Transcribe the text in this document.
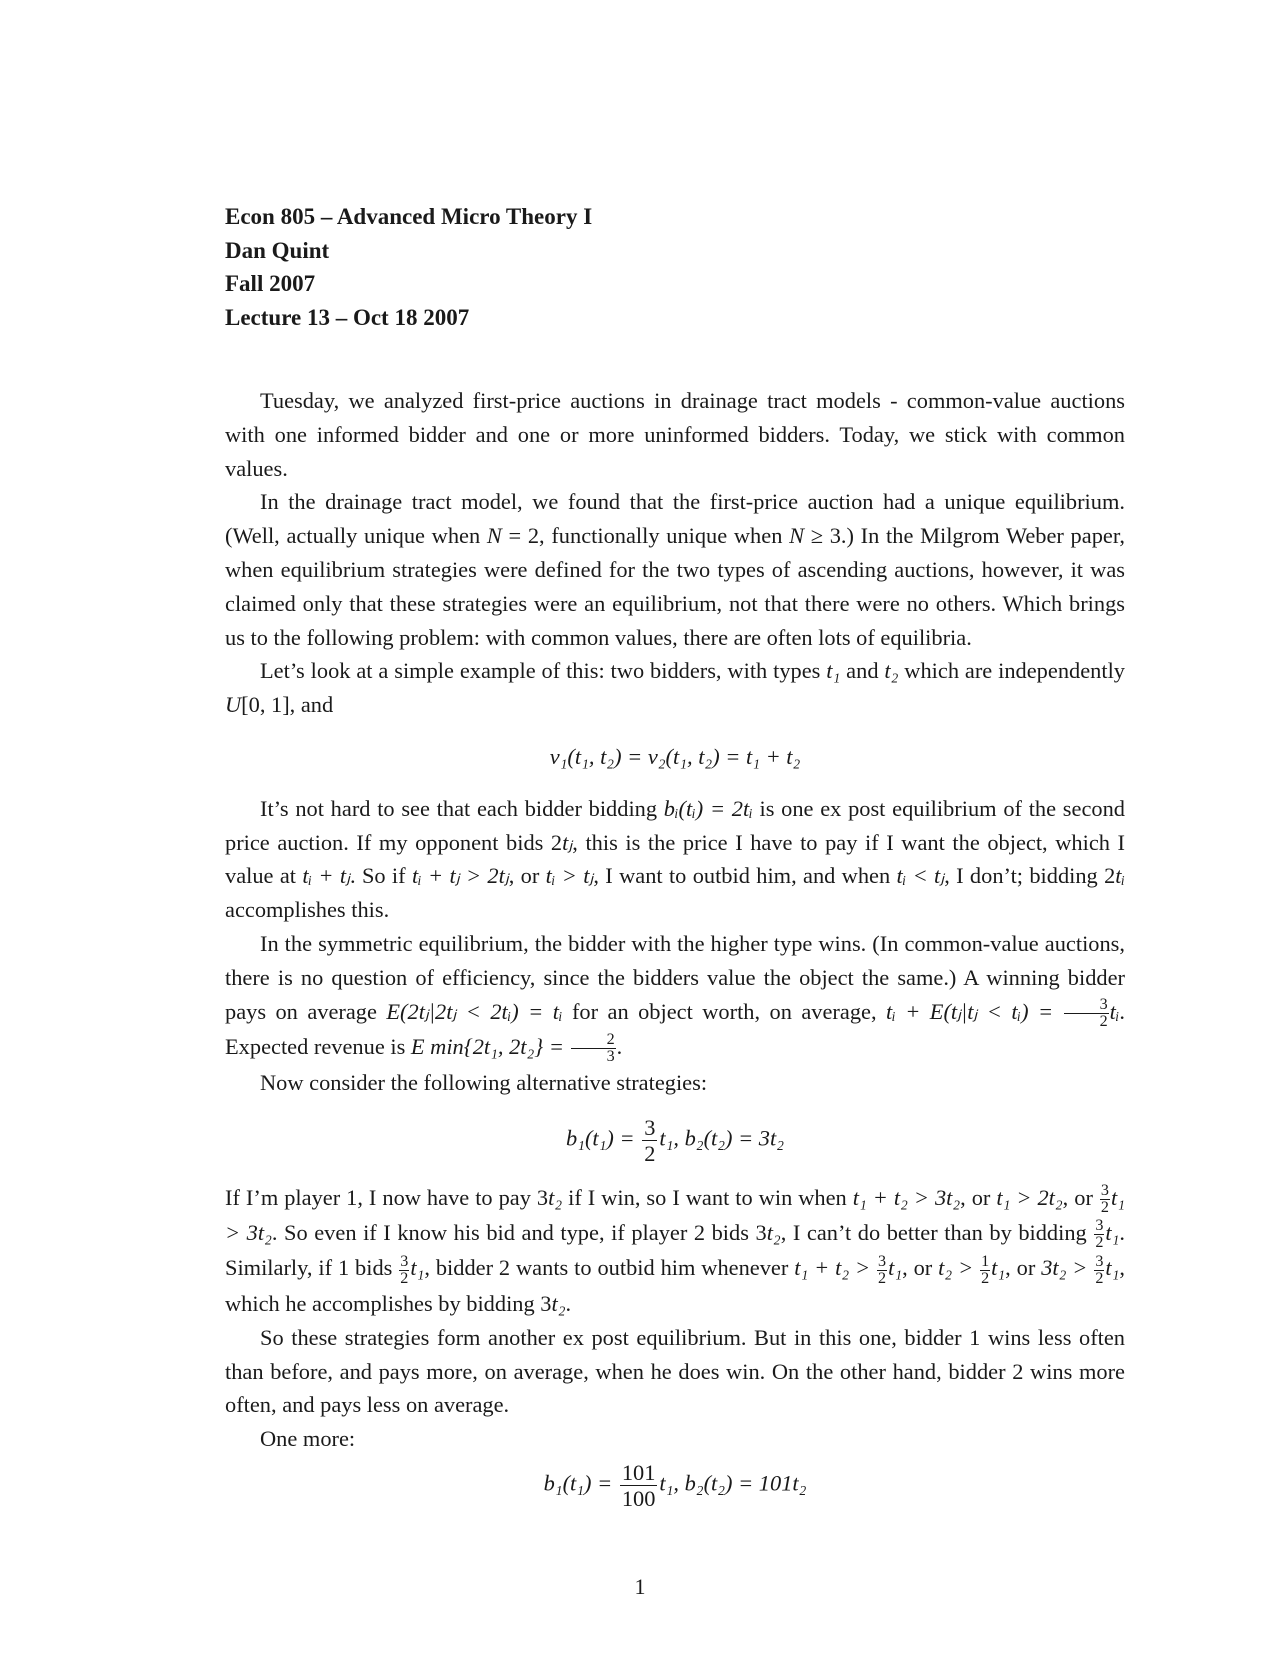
Econ 805 – Advanced Micro Theory I
Dan Quint
Fall 2007
Lecture 13 – Oct 18 2007

Tuesday, we analyzed first-price auctions in drainage tract models - common-value auctions with one informed bidder and one or more uninformed bidders. Today, we stick with common values.

In the drainage tract model, we found that the first-price auction had a unique equilibrium. (Well, actually unique when N = 2, functionally unique when N ≥ 3.) In the Milgrom Weber paper, when equilibrium strategies were defined for the two types of ascending auctions, however, it was claimed only that these strategies were an equilibrium, not that there were no others. Which brings us to the following problem: with common values, there are often lots of equilibria.

Let’s look at a simple example of this: two bidders, with types t₁ and t₂ which are independently U[0, 1], and

v₁(t₁, t₂) = v₂(t₁, t₂) = t₁ + t₂

It’s not hard to see that each bidder bidding bᵢ(tᵢ) = 2tᵢ is one ex post equilibrium of the second price auction. If my opponent bids 2tⱼ, this is the price I have to pay if I want the object, which I value at tᵢ + tⱼ. So if tᵢ + tⱼ > 2tⱼ, or tᵢ > tⱼ, I want to outbid him, and when tᵢ < tⱼ, I don’t; bidding 2tᵢ accomplishes this.

In the symmetric equilibrium, the bidder with the higher type wins. (In common-value auctions, there is no question of efficiency, since the bidders value the object the same.) A winning bidder pays on average E(2tⱼ|2tⱼ < 2tᵢ) = tᵢ for an object worth, on average, tᵢ + E(tⱼ|tⱼ < tᵢ) = $\frac{3}{2}$ tᵢ. Expected revenue is E min{2t₁, $2t_2\} = \frac{2}{3}$ .

Now consider the following alternative strategies:

$b_1(t_1) = \frac{3}{2} t_1$, b₂(t₂) = 3t₂

If I’m player 1, I now have to pay 3t₂ if I win, so I want to win when t₁ + t₂ > 3t₂, or t₁ > 2t₂, or $\frac{3}{2} t_1 > 3t_2$. So even if I know his bid and type, if player 2 bids 3t₂, I can’t do better than by bidding $\frac{3}{2} t_1$. Similarly, if 1 bids $\frac{3}{2} t_1$, bidder 2 wants to outbid him whenever $t_1 + t_2 > \frac{3}{2} t_1$, or $t_2 > \frac{1}{2} t_1$, or $3t_2 > \frac{3}{2} t_1$, which he accomplishes by bidding 3t₂.

So these strategies form another ex post equilibrium. But in this one, bidder 1 wins less often than before, and pays more, on average, when he does win. On the other hand, bidder 2 wins more often, and pays less on average.

One more:

$b_1(t_1) = \frac{101}{100} t_1$, b₂(t₂) = 101t₂
1
